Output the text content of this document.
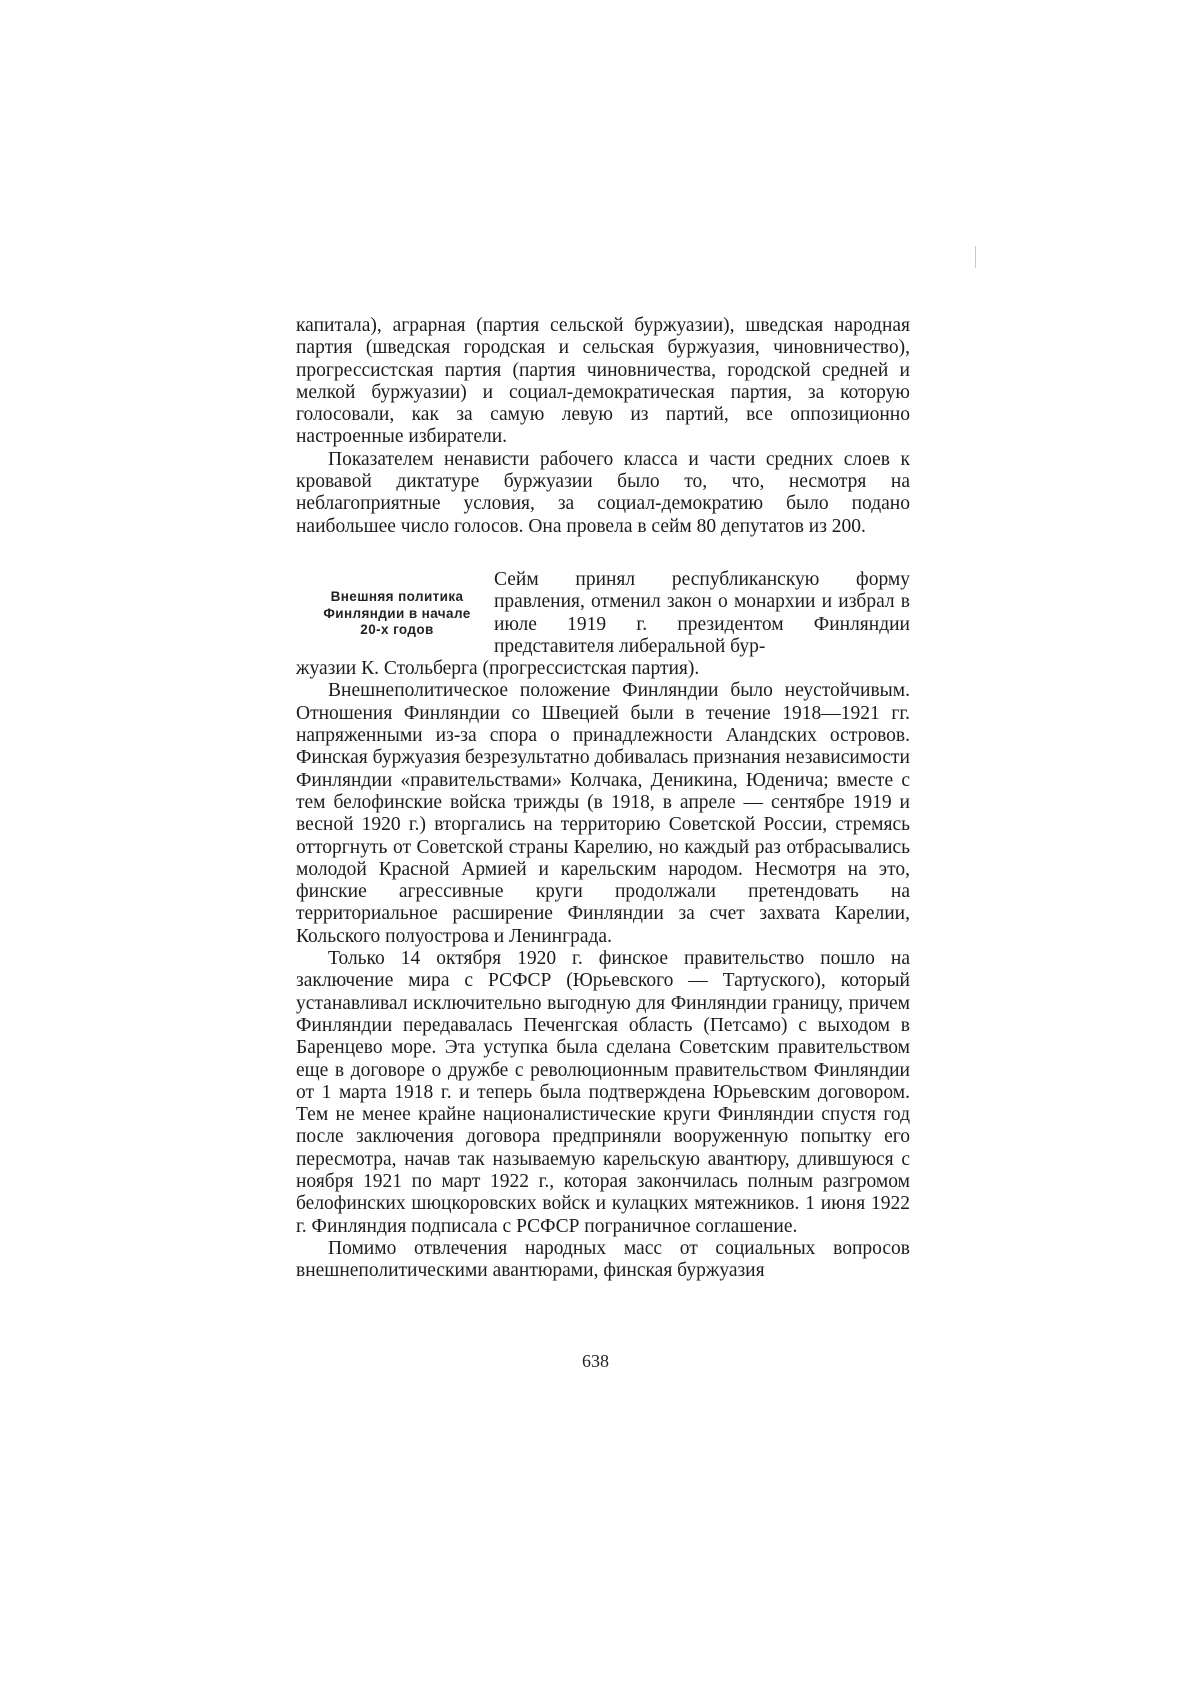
капитала), аграрная (партия сельской буржуазии), шведская народная партия (шведская городская и сельская буржуазия, чиновничество), прогрессистская партия (партия чиновничества, городской средней и мелкой буржуазии) и социал-демократическая партия, за которую голосовали, как за самую левую из партий, все оппозиционно настроенные избиратели.

Показателем ненависти рабочего класса и части средних слоев к кровавой диктатуре буржуазии было то, что, несмотря на неблагоприятные условия, за социал-демократию было подано наибольшее число голосов. Она провела в сейм 80 депутатов из 200.

Внешняя политика
Финляндии в начале
20-х годов

Сейм принял республиканскую форму правления, отменил закон о монархии и избрал в июле 1919 г. президентом Финляндии представителя либеральной бур-

жуазии К. Стольберга (прогрессистская партия).

Внешнеполитическое положение Финляндии было неустойчивым. Отношения Финляндии со Швецией были в течение 1918—1921 гг. напряженными из-за спора о принадлежности Аландских островов. Финская буржуазия безрезультатно добивалась признания независимости Финляндии «правительствами» Колчака, Деникина, Юденича; вместе с тем белофинские войска трижды (в 1918, в апреле — сентябре 1919 и весной 1920 г.) вторгались на территорию Советской России, стремясь отторгнуть от Советской страны Карелию, но каждый раз отбрасывались молодой Красной Армией и карельским народом. Несмотря на это, финские агрессивные круги продолжали претендовать на территориальное расширение Финляндии за счет захвата Карелии, Кольского полуострова и Ленинграда.

Только 14 октября 1920 г. финское правительство пошло на заключение мира с РСФСР (Юрьевского — Тартуского), который устанавливал исключительно выгодную для Финляндии границу, причем Финляндии передавалась Печенгская область (Петсамо) с выходом в Баренцево море. Эта уступка была сделана Советским правительством еще в договоре о дружбе с революционным правительством Финляндии от 1 марта 1918 г. и теперь была подтверждена Юрьевским договором. Тем не менее крайне националистические круги Финляндии спустя год после заключения договора предприняли вооруженную попытку его пересмотра, начав так называемую карельскую авантюру, длившуюся с ноября 1921 по март 1922 г., которая закончилась полным разгромом белофинских шюцкоровских войск и кулацких мятежников. 1 июня 1922 г. Финляндия подписала с РСФСР пограничное соглашение.

Помимо отвлечения народных масс от социальных вопросов внешнеполитическими авантюрами, финская буржуазия

638
